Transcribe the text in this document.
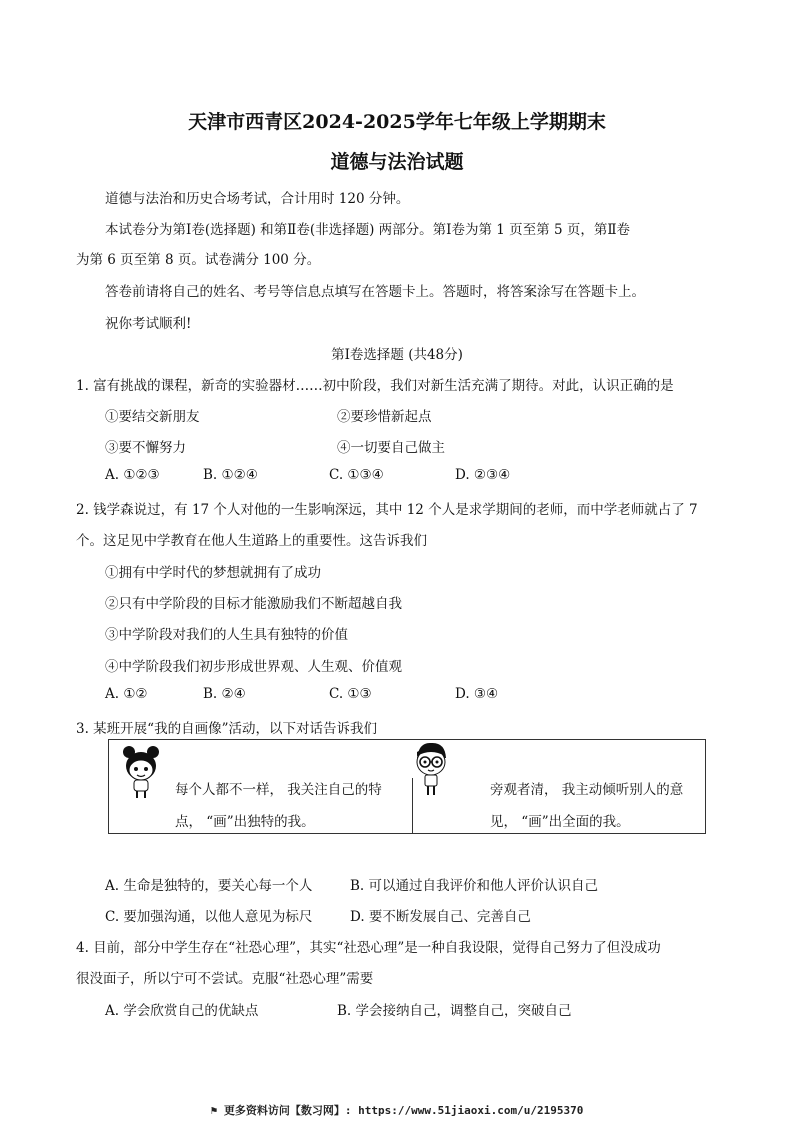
天津市西青区2024-2025学年七年级上学期期末
道德与法治试题
道德与法治和历史合场考试，合计用时 120 分钟。
本试卷分为第Ⅰ卷(选择题) 和第Ⅱ卷(非选择题) 两部分。第Ⅰ卷为第 1 页至第 5 页，第Ⅱ卷
为第 6 页至第 8 页。试卷满分 100 分。
答卷前请将自己的姓名、考号等信息点填写在答题卡上。答题时，将答案涂写在答题卡上。
祝你考试顺利!
第Ⅰ卷选择题 (共48分)
1. 富有挑战的课程，新奇的实验器材……初中阶段，我们对新生活充满了期待。对此，认识正确的是
①要结交新朋友	②要珍惜新起点
③要不懈努力	④一切要自己做主
A. ①②③	B. ①②④	C. ①③④	D. ②③④
2. 钱学森说过，有 17 个人对他的一生影响深远，其中 12 个人是求学期间的老师，而中学老师就占了 7
个。这足见中学教育在他人生道路上的重要性。这告诉我们
①拥有中学时代的梦想就拥有了成功
②只有中学阶段的目标才能激励我们不断超越自我
③中学阶段对我们的人生具有独特的价值
④中学阶段我们初步形成世界观、人生观、价值观
A. ①②	B. ②④	C. ①③	D. ③④
3. 某班开展“我的自画像”活动，以下对话告诉我们
每个人都不一样， 我关注自己的特
点， “画”出独特的我。
旁观者清， 我主动倾听别人的意
见， “画”出全面的我。
A. 生命是独特的，要关心每一个人	B. 可以通过自我评价和他人评价认识自己
C. 要加强沟通，以他人意见为标尺	D. 要不断发展自己、完善自己
4. 目前，部分中学生存在“社恐心理”，其实“社恐心理”是一种自我设限，觉得自己努力了但没成功
很没面子，所以宁可不尝试。克服“社恐心理”需要
A. 学会欣赏自己的优缺点	B. 学会接纳自己，调整自己，突破自己
⚑ 更多资料访问【数习网】: https://www.51jiaoxi.com/u/2195370
